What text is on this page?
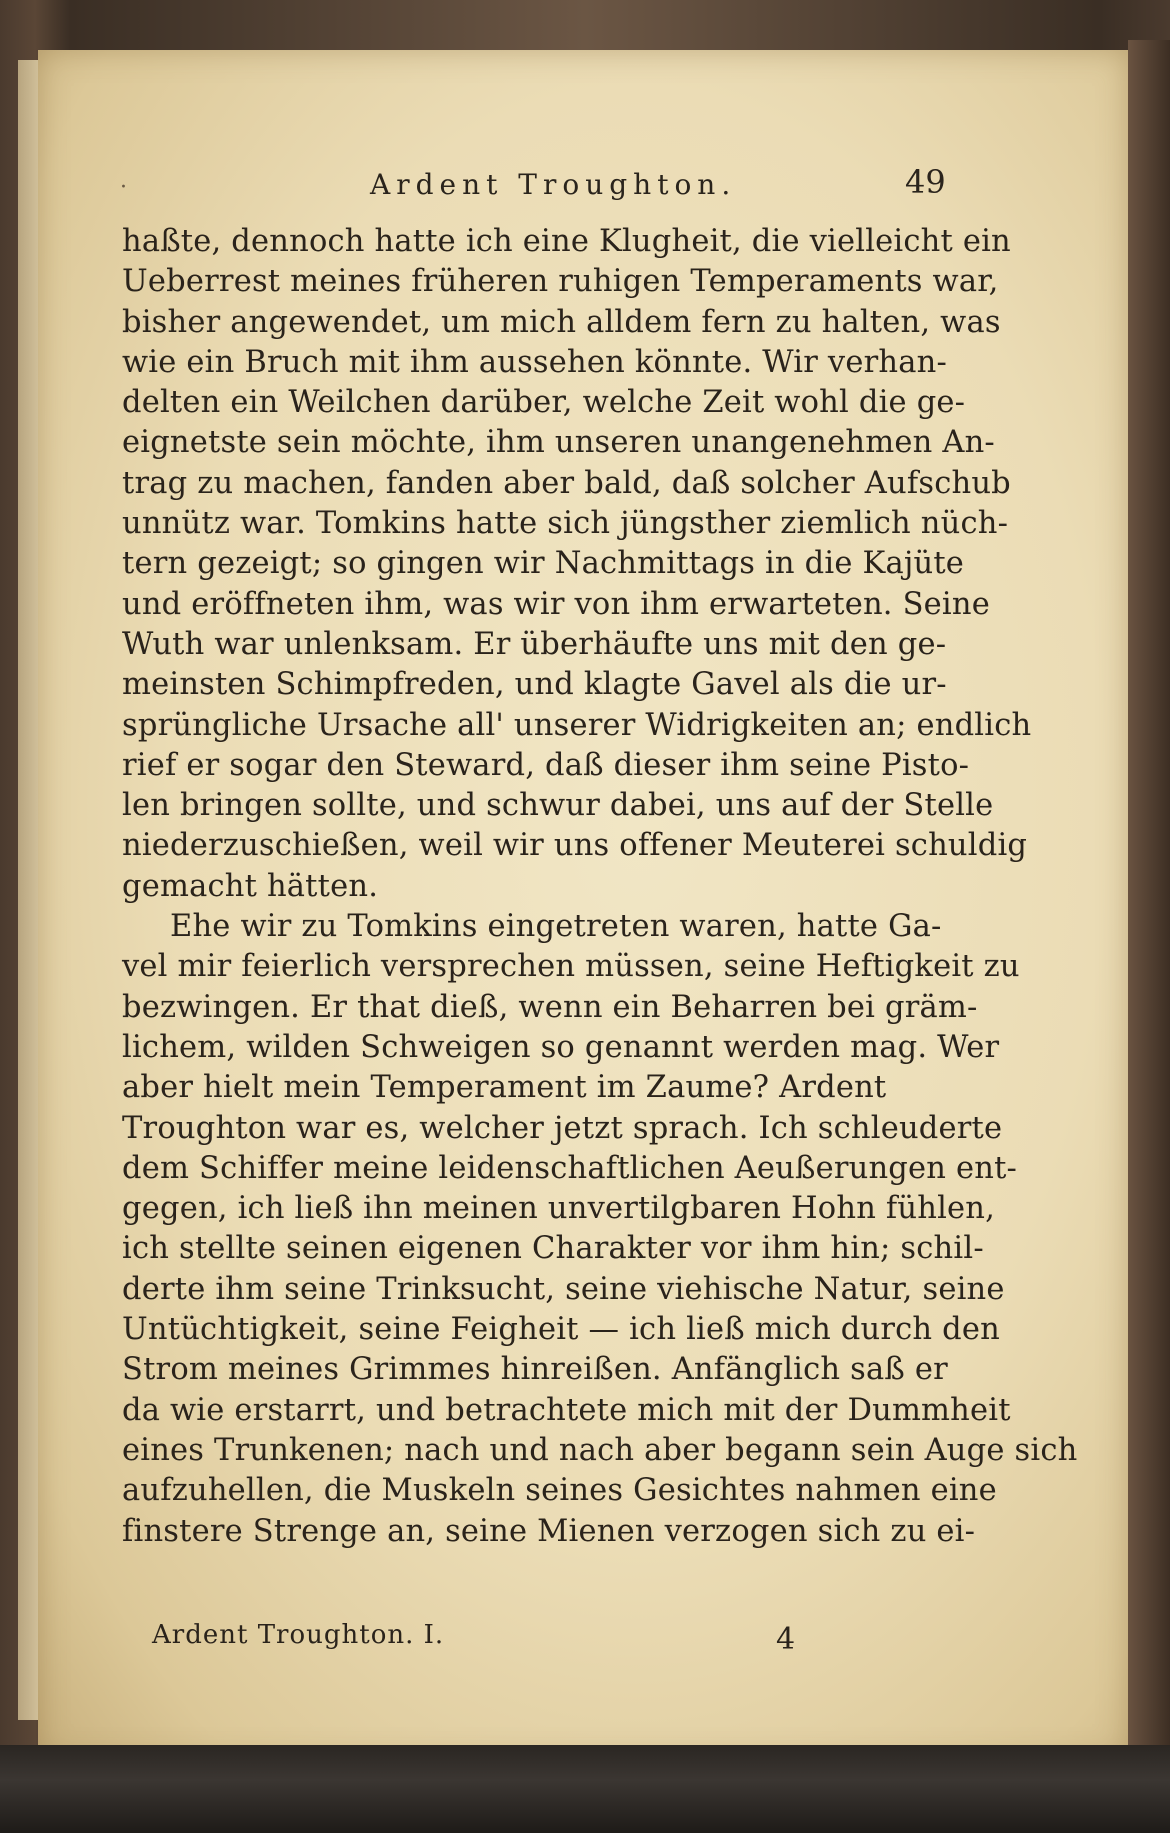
·	Ardent Troughton.	49
haßte, dennoch hatte ich eine Klugheit, die vielleicht ein
Ueberrest meines früheren ruhigen Temperaments war,
bisher angewendet, um mich alldem fern zu halten, was
wie ein Bruch mit ihm aussehen könnte. Wir verhan-
delten ein Weilchen darüber, welche Zeit wohl die ge-
eignetste sein möchte, ihm unseren unangenehmen An-
trag zu machen, fanden aber bald, daß solcher Aufschub
unnütz war. Tomkins hatte sich jüngsther ziemlich nüch-
tern gezeigt; so gingen wir Nachmittags in die Kajüte
und eröffneten ihm, was wir von ihm erwarteten. Seine
Wuth war unlenksam. Er überhäufte uns mit den ge-
meinsten Schimpfreden, und klagte Gavel als die ur-
sprüngliche Ursache all' unserer Widrigkeiten an; endlich
rief er sogar den Steward, daß dieser ihm seine Pisto-
len bringen sollte, und schwur dabei, uns auf der Stelle
niederzuschießen, weil wir uns offener Meuterei schuldig
gemacht hätten.
Ehe wir zu Tomkins eingetreten waren, hatte Ga-
vel mir feierlich versprechen müssen, seine Heftigkeit zu
bezwingen. Er that dieß, wenn ein Beharren bei gräm-
lichem, wilden Schweigen so genannt werden mag. Wer
aber hielt mein Temperament im Zaume? Ardent
Troughton war es, welcher jetzt sprach. Ich schleuderte
dem Schiffer meine leidenschaftlichen Aeußerungen ent-
gegen, ich ließ ihn meinen unvertilgbaren Hohn fühlen,
ich stellte seinen eigenen Charakter vor ihm hin; schil-
derte ihm seine Trinksucht, seine viehische Natur, seine
Untüchtigkeit, seine Feigheit — ich ließ mich durch den
Strom meines Grimmes hinreißen. Anfänglich saß er
da wie erstarrt, und betrachtete mich mit der Dummheit
eines Trunkenen; nach und nach aber begann sein Auge sich
aufzuhellen, die Muskeln seines Gesichtes nahmen eine
finstere Strenge an, seine Mienen verzogen sich zu ei-
Ardent Troughton. I.	4
